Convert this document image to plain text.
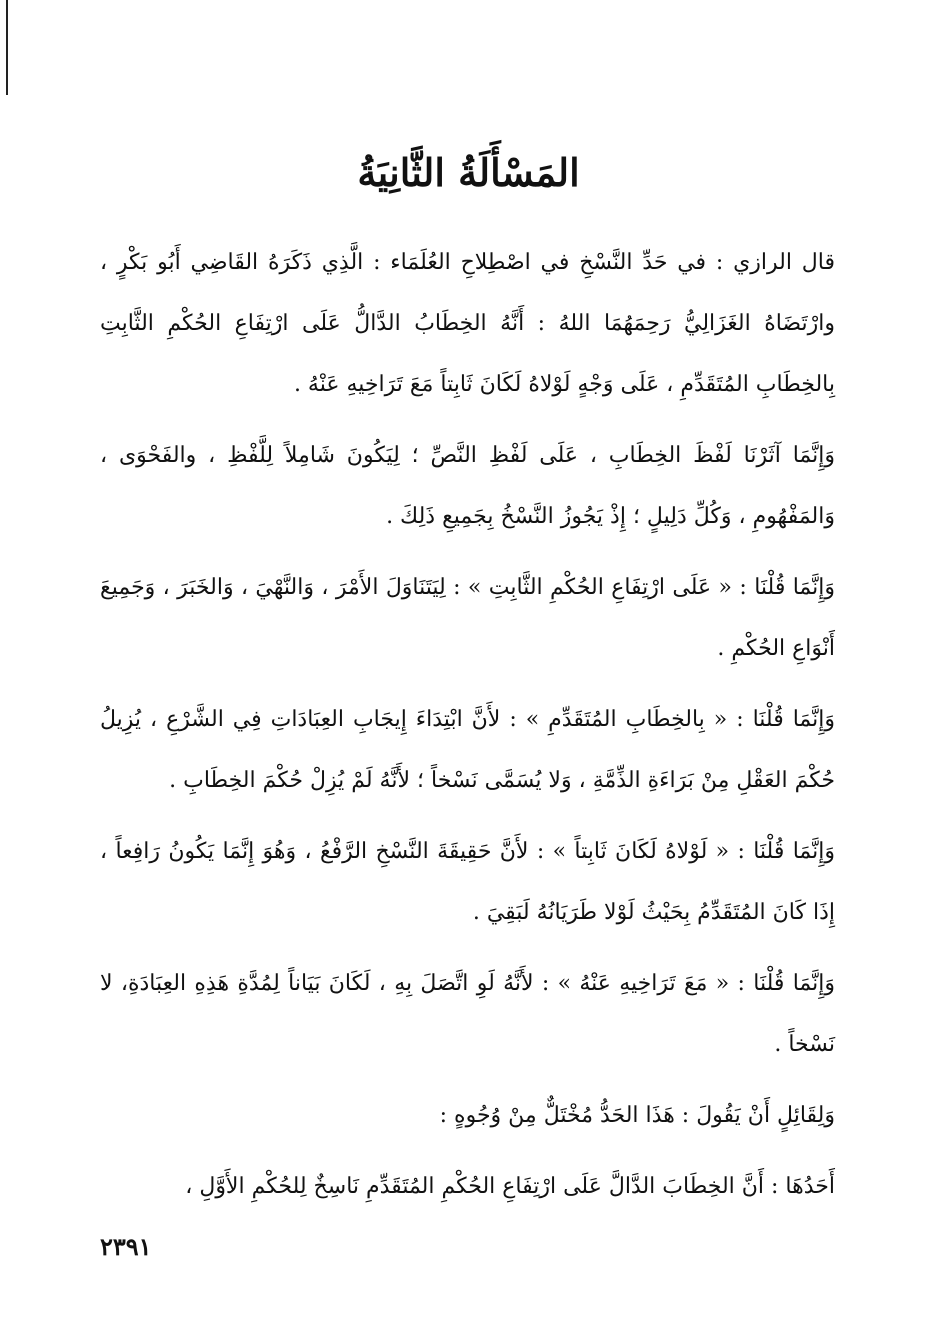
المَسْأَلَةُ الثَّانِيَةُ

قال الرازي : في حَدِّ النَّسْخِ في اصْطِلاحِ العُلَمَاء : الَّذِي ذَكَرَهُ القَاضِي أَبُو بَكْرٍ ، وارْتَضَاهُ الغَزَالِيُّ رَحِمَهُمَا اللهُ : أَنَّهُ الخِطَابُ الدَّالُّ عَلَى ارْتِفَاعِ الحُكْمِ الثَّابِتِ بِالخِطَابِ المُتَقَدِّمِ ، عَلَى وَجْهٍ لَوْلاهُ لَكَانَ ثَابِتاً مَعَ تَرَاخِيهِ عَنْهُ .

وَإِنَّمَا آثَرْنَا لَفْظَ الخِطَابِ ، عَلَى لَفْظِ النَّصِّ ؛ لِيَكُونَ شَامِلاً لِلَّفْظِ ، والفَحْوَى ، وَالمَفْهُومِ ، وَكُلِّ دَلِيلٍ ؛ إِذْ يَجُوزُ النَّسْخُ بِجَمِيعِ ذَلِكَ .

وَإِنَّمَا قُلْنَا : « عَلَى ارْتِفَاعِ الحُكْمِ الثَّابِتِ » : لِيَتَنَاوَلَ الأَمْرَ ، وَالنَّهْيَ ، وَالخَبَرَ ، وَجَمِيعَ أَنْوَاعِ الحُكْمِ .

وَإِنَّمَا قُلْنَا : « بِالخِطَابِ المُتَقَدِّمِ » : لأَنَّ ابْتِدَاءَ إِيجَابِ العِبَادَاتِ فِي الشَّرْعِ ، يُزِيلُ حُكْمَ العَقْلِ مِنْ بَرَاءَةِ الذِّمَّةِ ، وَلا يُسَمَّى نَسْخاً ؛ لأَنَّهُ لَمْ يُزِلْ حُكْمَ الخِطَابِ .

وَإِنَّمَا قُلْنَا : « لَوْلاهُ لَكَانَ ثَابِتاً » : لأَنَّ حَقِيقَةَ النَّسْخِ الرَّفْعُ ، وَهُوَ إِنَّمَا يَكُونُ رَافِعاً ، إِذَا كَانَ المُتَقَدِّمُ بِحَيْثُ لَوْلا طَرَيَانُهُ لَبَقِيَ .

وَإِنَّمَا قُلْنَا : « مَعَ تَرَاخِيهِ عَنْهُ » : لأَنَّهُ لَوِ اتَّصَلَ بِهِ ، لَكَانَ بَيَاناً لِمُدَّةِ هَذِهِ العِبَادَةِ، لا نَسْخاً .

وَلِقَائِلٍ أَنْ يَقُولَ : هَذَا الحَدُّ مُخْتَلٌّ مِنْ وُجُوهٍ :

أَحَدُهَا : أَنَّ الخِطَابَ الدَّالَّ عَلَى ارْتِفَاعِ الحُكْمِ المُتَقَدِّمِ نَاسِخٌ لِلحُكْمِ الأَوَّلِ ،

٢٣٩١
